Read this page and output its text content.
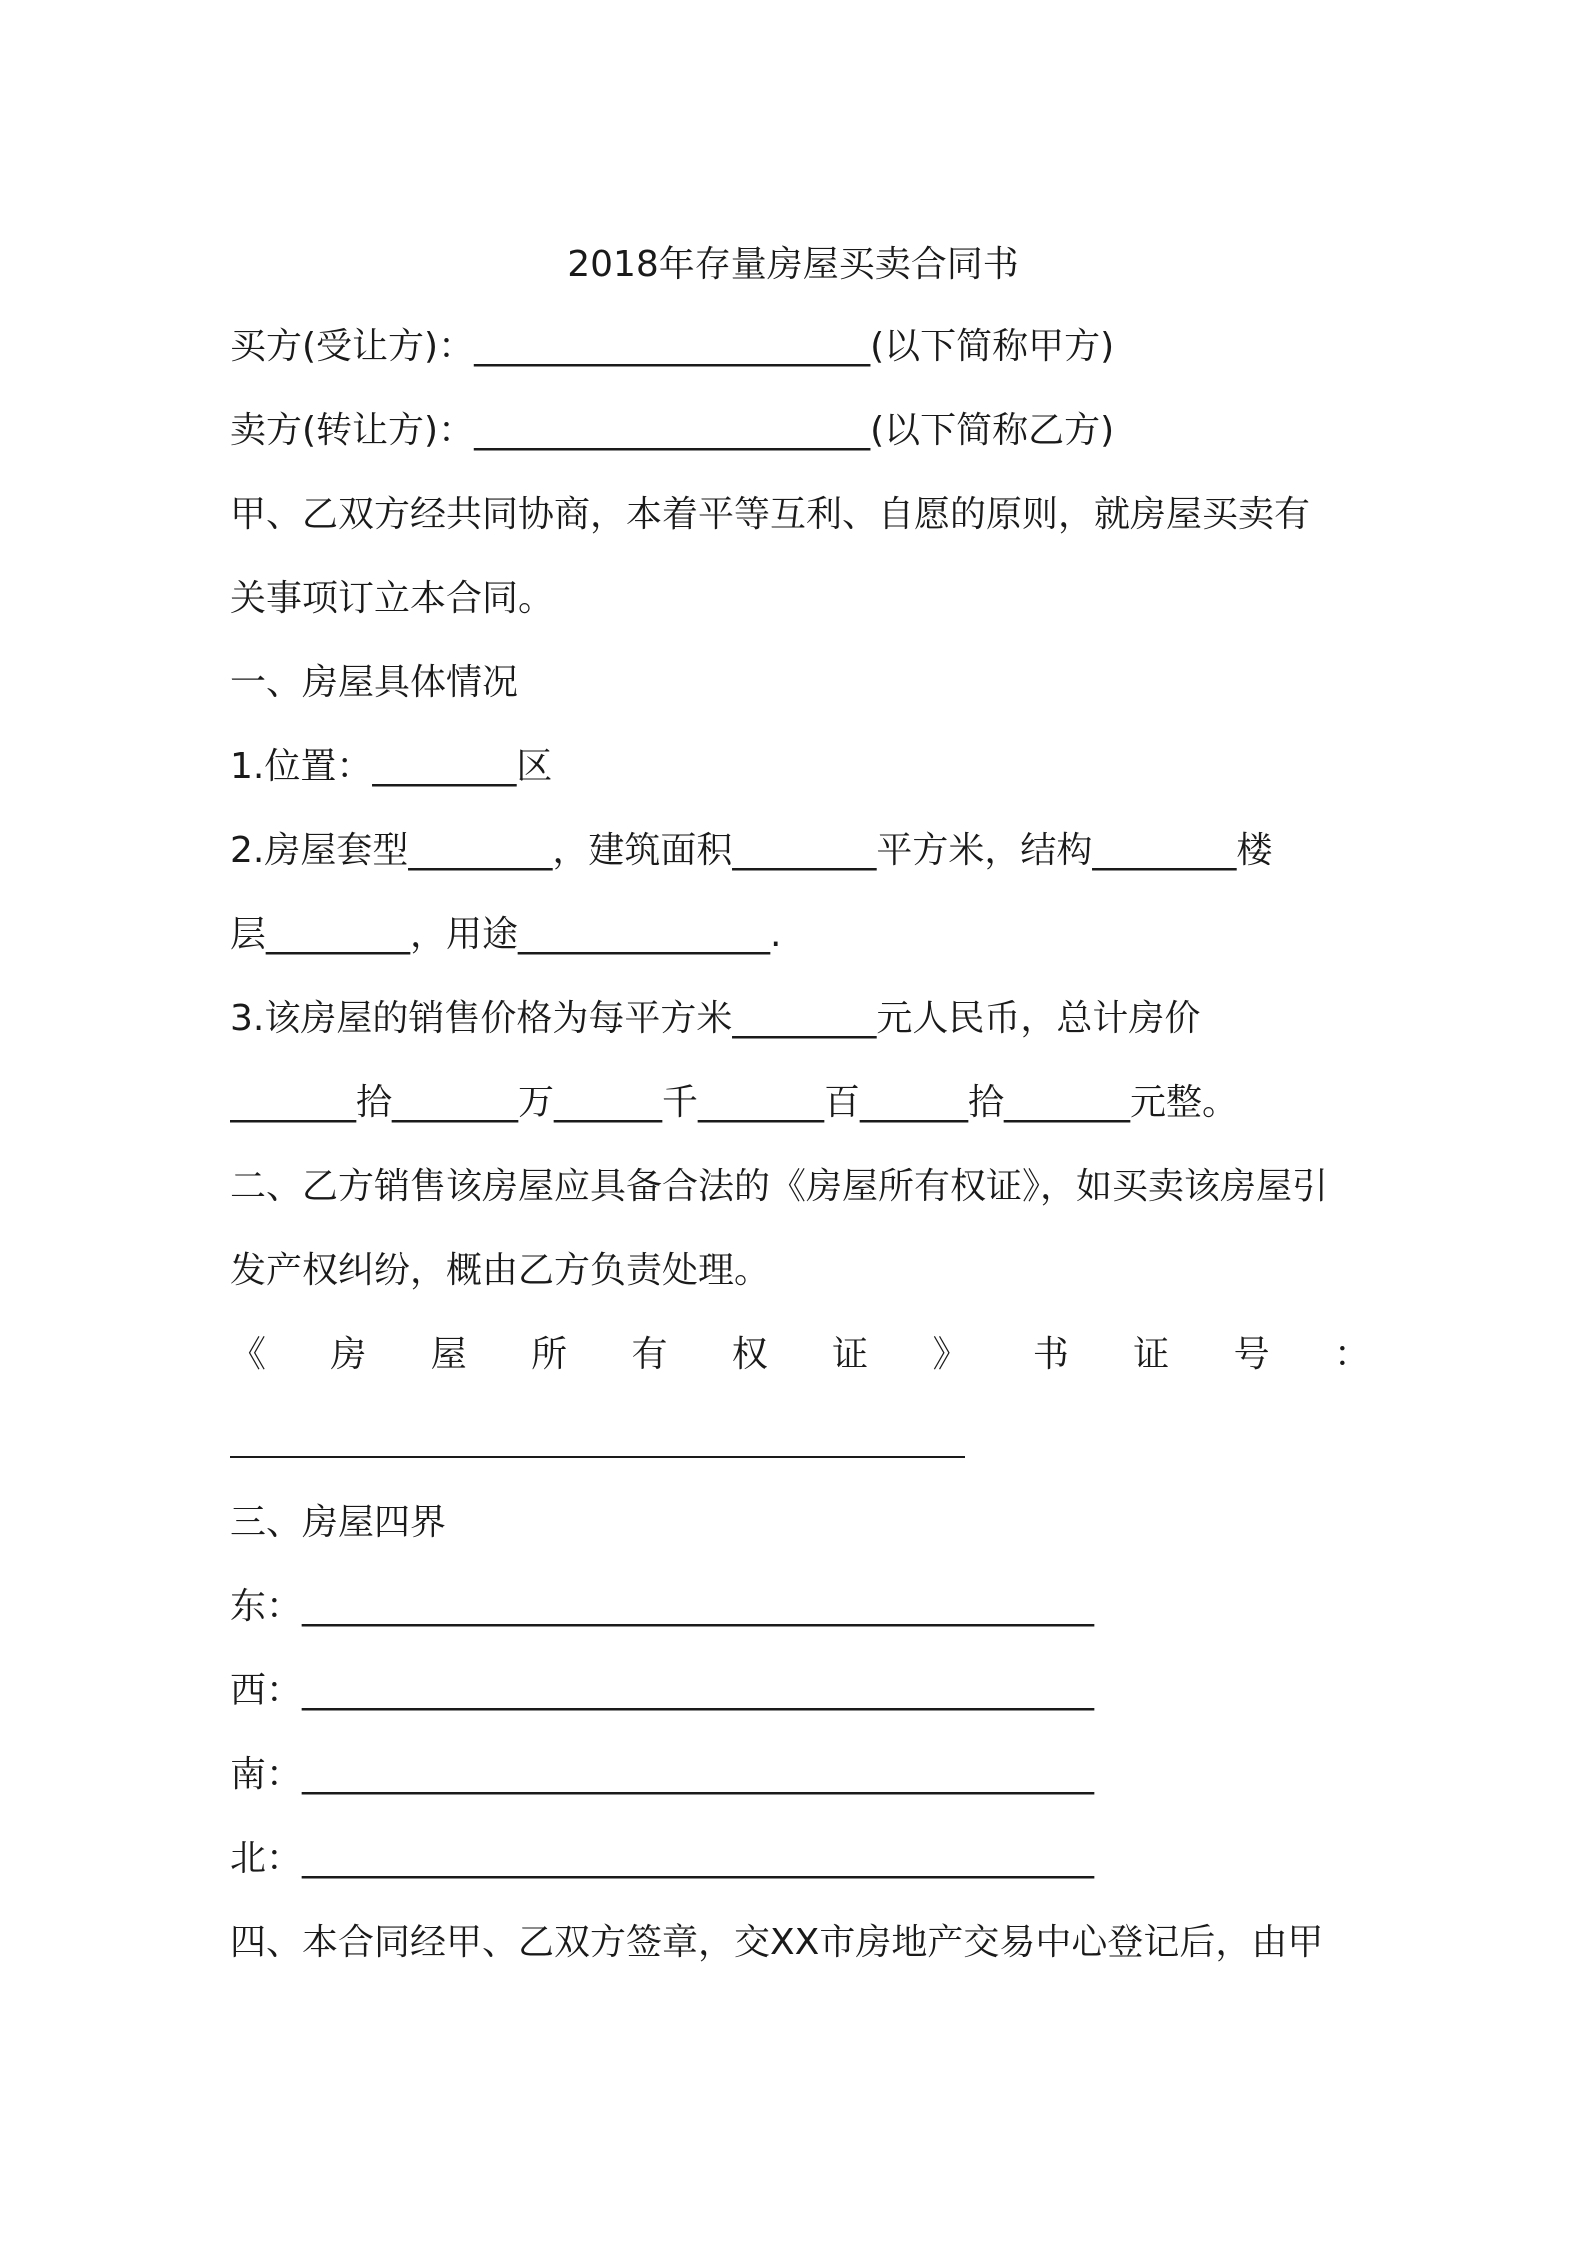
2018年存量房屋买卖合同书
买方(受让方)：______________________(以下简称甲方)
卖方(转让方)：______________________(以下简称乙方)
甲、乙双方经共同协商，本着平等互利、自愿的原则，就房屋买卖有
关事项订立本合同。
一、房屋具体情况
1.位置：________区
2.房屋套型________，建筑面积________平方米，结构________楼
层________，用途______________.
3.该房屋的销售价格为每平方米________元人民币，总计房价
_______拾_______万______千_______百______拾_______元整。
二、乙方销售该房屋应具备合法的《房屋所有权证》，如买卖该房屋引
发产权纠纷，概由乙方负责处理。
《 房 屋 所 有 权 证 》 书 证 号 ：
三、房屋四界
东：____________________________________________
西：____________________________________________
南：____________________________________________
北：____________________________________________
四、本合同经甲、乙双方签章，交XX市房地产交易中心登记后，由甲
